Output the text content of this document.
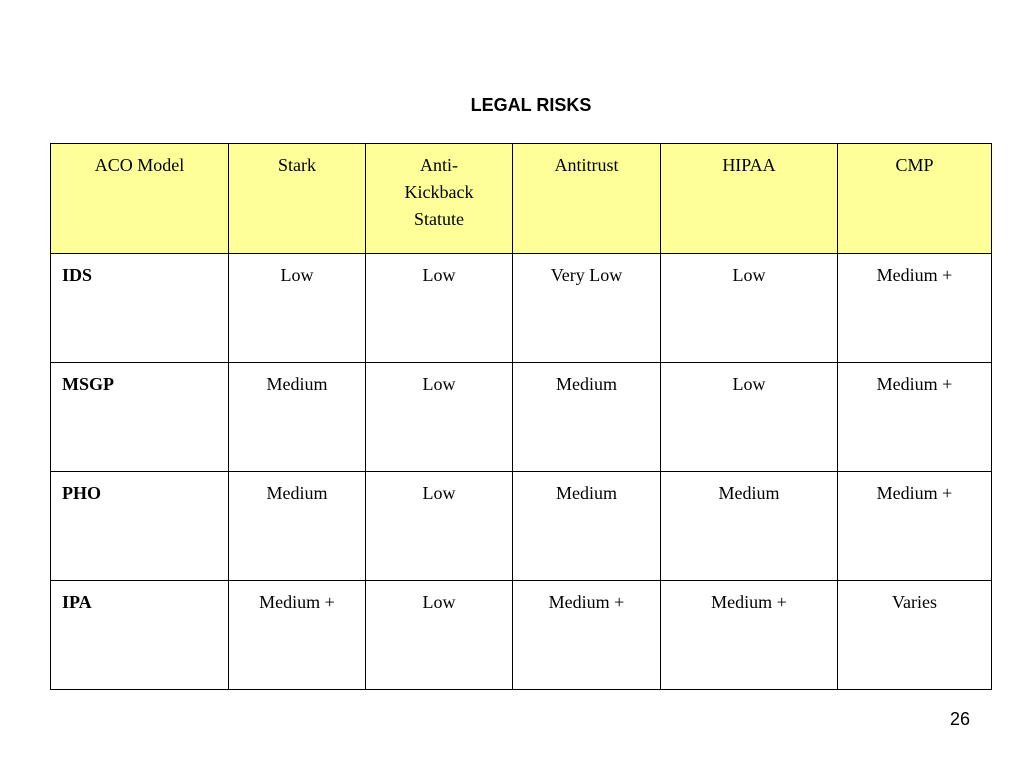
LEGAL RISKS
ACO Model	Stark	Anti-
Kickback
Statute	Antitrust	HIPAA	CMP
IDS	Low	Low	Very Low	Low	Medium +
MSGP	Medium	Low	Medium	Low	Medium +
PHO	Medium	Low	Medium	Medium	Medium +
IPA	Medium +	Low	Medium +	Medium +	Varies
26
